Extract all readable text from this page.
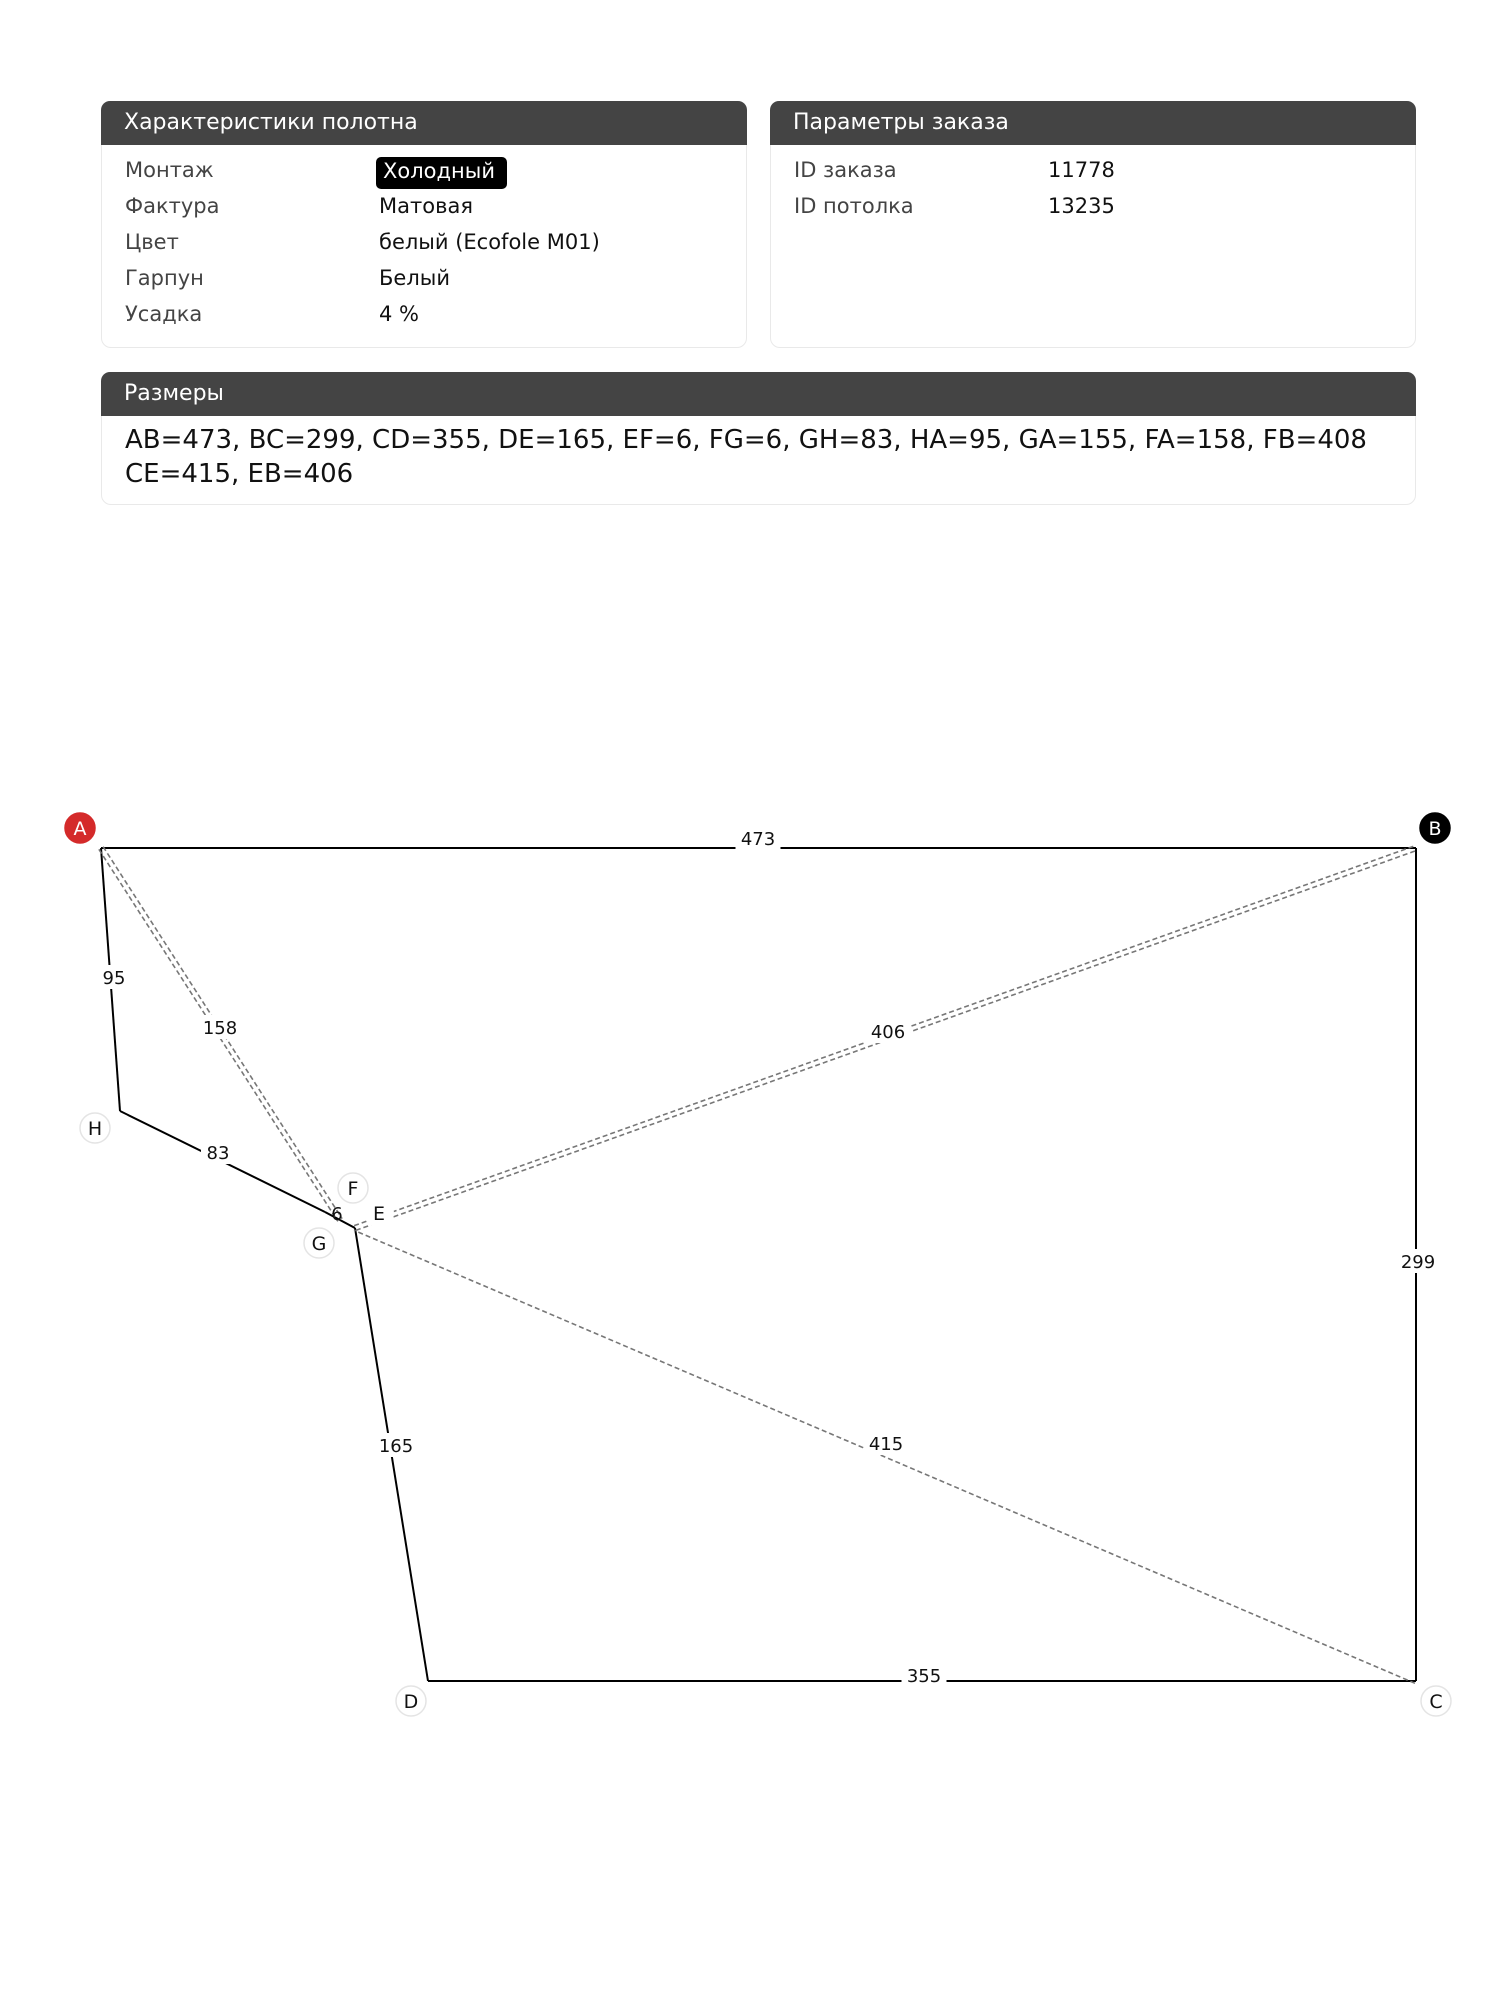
Характеристики полотна
Монтаж	Холодный
Фактура	Матовая
Цвет	белый (Ecofole M01)
Гарпун	Белый
Усадка	4 %
Параметры заказа
ID заказа	11778
ID потолка	13235
Размеры
AB=473, BC=299, CD=355, DE=165, EF=6, FG=6, GH=83, HA=95, GA=155, FA=158, FB=408
CE=415, EB=406
473
299
355
165
6
83
95
158	406
415
A	B
C
D
E
F
G
H
